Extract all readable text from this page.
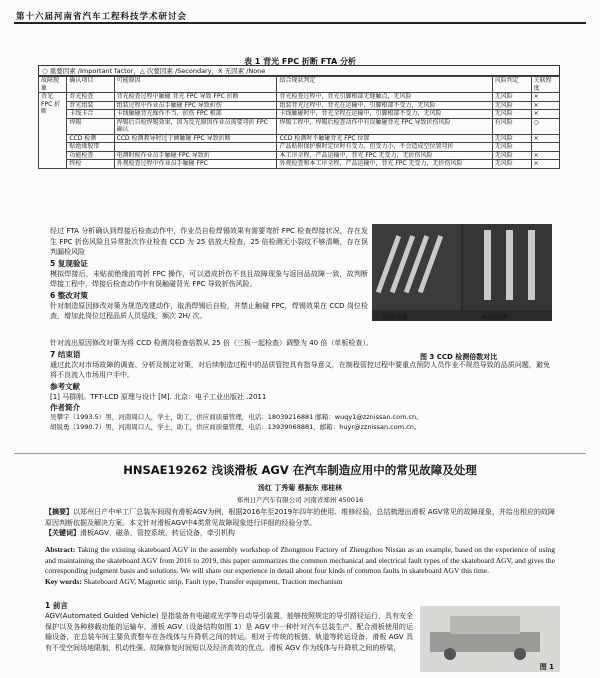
第十六届河南省汽车工程科技学术研讨会
表 1 背光 FPC 折断 FTA 分析
○ 重要因素 /Important factor，△ 次要因素 /Secondary，X 无因素 /None
故障现象	确认项目	可能原因	结合现状判定	风险判定	关联程度
背光 FPC 折断	背光检查	背光检查过程中触碰 背光 FPC 导致 FPC 折断	背光检查过程中，背光引脚根部无缝触点，无风险	无风险	×
	背光组装	组装过程中作业员手触碰 FPC 导致折伤	组装背光过程中，背光在运输中，引脚根部不受力，无风险	无风险	×
	卡线卡合	卡线触碰背光操作不当，折伤 FPC 根部	卡线触碰时中，背光全程在运输中，引脚根部不受力，无风险	无风险	×
	焊锡	焊锡后自检焊锡效果，因为反光原因作业员需要弯折 FPC 确认	焊锡工程中，焊锡后检查动作中有误触碰背光 FPC 导致折伤风险	有风险	○
	CCD 检测	CCD 检测教导时过于倾触碰 FPC 导致折断	CCD 检测时不触碰背光 FPC 位置	无风险	×
	贴绝缘胶带		产品贴附保护膜时定位时有受力，但受力小，不会造成空位置弯折	无风险	
	功能检查	电测时候作业员手触碰 FPC 导致折	本工序全程，产品运输中，背光 FPC 无受力，无折伤风险	无风险	×
	终检	外观检查过程中作业员手触碰 FPC	外观检查和本工序全程，产品运输中，背光 FPC 无受力，无折伤风险	无风险	×
经过 FTA 分析确认到焊接后检查动作中，作业员自检焊锡效果有需要弯折 FPC 检查焊接状况，存在发生 FPC 折伤风险且异常批次作业检查 CCD 为 25 倍放大检查，25 倍检测无小裂纹不够清晰，存在误判漏检风险
5 复现验证
模拟焊接后，未贴前绝缘前弯折 FPC 操作，可以造成折伤不良且故障现象与返回品故障一致，故判断焊接工程中，焊接后检查动作中有误触碰背光 FPC 导致折伤风险。
6 整改对策
针对制造原因修改对策为规范改建动作，取消焊锡后自检，并禁止触碰 FPC，焊锡效果在 CCD 岗位检查，增加此岗位过程品质人员巡线，频次 2H/ 次。	25倍效果	40倍效果
图 3 CCD 检测倍数对比
针对流出原因修改对策为将 CCD 检测岗检查倍数从 25 倍（三板一起检查）调整为 40 倍（单板检查）。
7 结束语
通过此次对市场故障的调查、分析及制定对策，对后续制造过程中的品质管控具有指导意义，在制程管控过程中要重点预防人员作业不规范导致的品质问题，避免将不良流入市场用户手中。
参考文献
[1] 马群刚。TFT-LCD 原理与设计 [M]. 北京：电子工业出版社 .2011
作者简介
吴攀宇（1993.5）男，河南周口人，学士，助工，供应商质量管理，电话：18039216881 邮箱：wuqy1@zznissan.com.cn。
胡锐勇（1990.7）男，河南周口人，学士，助工，供应商质量管理，电话：13939068881，邮箱：huyr@zznissan.com.cn。
HNSAE19262 浅谈滑板 AGV 在汽车制造应用中的常见故障及处理
汤红 丁秀菊 蔡振东 邢桂林
郑州日产汽车有限公司 河南省郑州 450016
【摘要】以郑州日产中牟工厂总装车间现有滑板AGV为例，根据2016年至2019年四年的使用、维修经验，总结梳理出滑板 AGV常见的故障现象，并给出相应的故障原因判断依据及解决方案。本文针对滑板AGV中4类常见故障现象进行详细的经验分享。
【关键词】滑板AGV，磁条，管控系统，转运设备，牵引机构
Abstract: Taking the existing skateboard AGV in the assembly workshop of Zhongmou Factory of Zhengzhou Nissan as an example, based on the experience of using and maintaining the skateboard AGV from 2016 to 2019, this paper summarizes the common mechanical and electrical fault types of the skateboard AGV, and gives the corresponding judgment basis and solutions. We will share our experience in detail about four kinds of common faults in skateboard AGV this time.
Key words: Skateboard AGV, Magnetic strip, Fault type, Transfer equipment, Traction mechanism
1 前言
AGV(Automated Guided Vehicle) 是指装备有电磁或光学等自动导引装置，能够按照规定的导引路径运行，具有安全保护以及各种移载功能的运输车。滑板 AGV（设备结构如图 1）是 AGV 中一种针对汽车总装生产、配合滑板使用的运输设备，在总装车间主要负责整车在各线体与升降机之间的转运。相对于传统的板链、轨道等转运设备，滑板 AGV 具有不受空间场地限制、机动性强、故障修复时间短以及经济高效的优点。滑板 AGV 作为线体与升降机之间的桥梁，
图 1
